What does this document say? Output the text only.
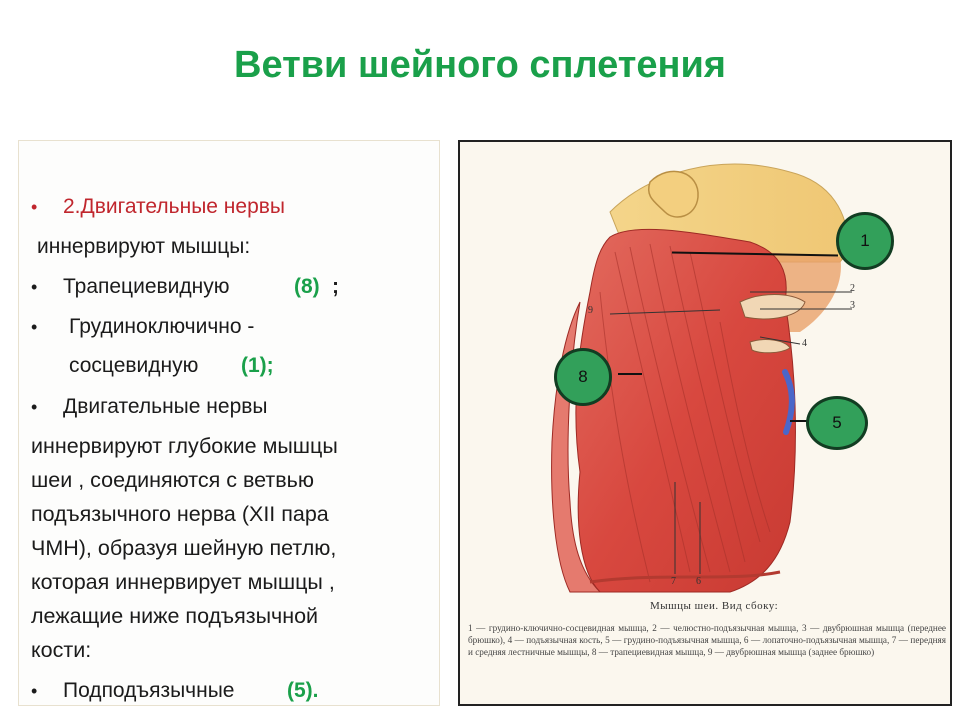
Ветви шейного сплетения
• 2.Двигательные нервы
иннервируют мышцы:
• Трапециевидную	(8) ;
• Грудиноключично -
сосцевидную (1);
• Двигательные нервы
иннервируют глубокие мышцы
шеи , соединяются с ветвью
подъязычного нерва (XII пара
ЧМН), образуя шейную петлю,
которая иннервирует мышцы ,
лежащие ниже подъязычной
кости:
• Подподъязычные	(5).
2
3
4
9
7 6
Мышцы шеи. Вид сбоку:
1 — грудино-ключично-сосцевидная мышца, 2 — челюстно-подъязычная мышца, 3 — двубрюшная мышца (переднее брюшко), 4 — подъязычная кость, 5 — грудино-подъязычная мышца, 6 — лопаточно-подъязычная мышца, 7 — передняя и средняя лестничные мышцы, 8 — трапециевидная мышца, 9 — двубрюшная мышца (заднее брюшко)
1
8
5
